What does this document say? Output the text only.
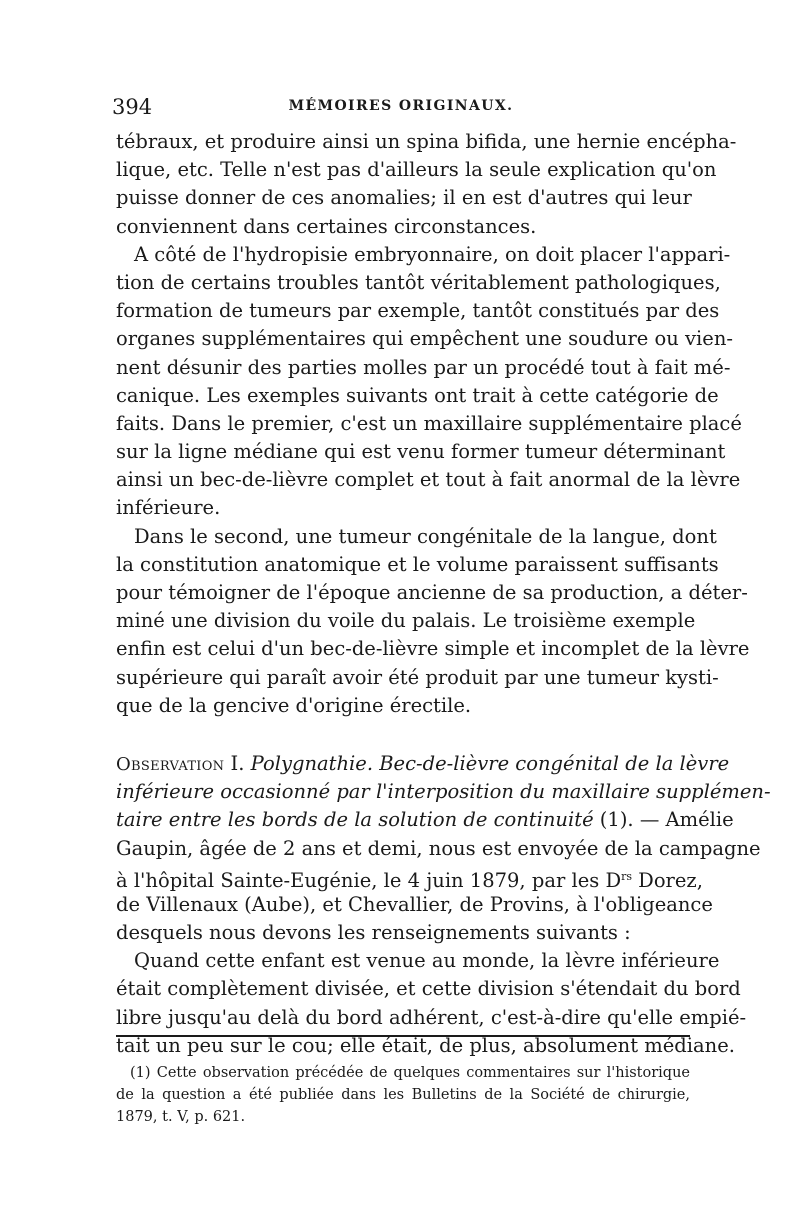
394	MÉMOIRES ORIGINAUX.
tébraux, et produire ainsi un spina bifida, une hernie encépha-
lique, etc. Telle n'est pas d'ailleurs la seule explication qu'on
puisse donner de ces anomalies; il en est d'autres qui leur
conviennent dans certaines circonstances.
A côté de l'hydropisie embryonnaire, on doit placer l'appari-
tion de certains troubles tantôt véritablement pathologiques,
formation de tumeurs par exemple, tantôt constitués par des
organes supplémentaires qui empêchent une soudure ou vien-
nent désunir des parties molles par un procédé tout à fait mé-
canique. Les exemples suivants ont trait à cette catégorie de
faits. Dans le premier, c'est un maxillaire supplémentaire placé
sur la ligne médiane qui est venu former tumeur déterminant
ainsi un bec-de-lièvre complet et tout à fait anormal de la lèvre
inférieure.
Dans le second, une tumeur congénitale de la langue, dont
la constitution anatomique et le volume paraissent suffisants
pour témoigner de l'époque ancienne de sa production, a déter-
miné une division du voile du palais. Le troisième exemple
enfin est celui d'un bec-de-lièvre simple et incomplet de la lèvre
supérieure qui paraît avoir été produit par une tumeur kysti-
que de la gencive d'origine érectile.
Observation I. Polygnathie. Bec-de-lièvre congénital de la lèvre
inférieure occasionné par l'interposition du maxillaire supplémen-
taire entre les bords de la solution de continuité (1). — Amélie
Gaupin, âgée de 2 ans et demi, nous est envoyée de la campagne
à l'hôpital Sainte-Eugénie, le 4 juin 1879, par les $D^{rs}$ Dorez,
de Villenaux (Aube), et Chevallier, de Provins, à l'obligeance
desquels nous devons les renseignements suivants :
Quand cette enfant est venue au monde, la lèvre inférieure
était complètement divisée, et cette division s'étendait du bord
libre jusqu'au delà du bord adhérent, c'est-à-dire qu'elle empié-
tait un peu sur le cou; elle était, de plus, absolument médiane.
(1) Cette observation précédée de quelques commentaires sur l'historique
de la question a été publiée dans les Bulletins de la Société de chirurgie,
1879, t. V, p. 621.
